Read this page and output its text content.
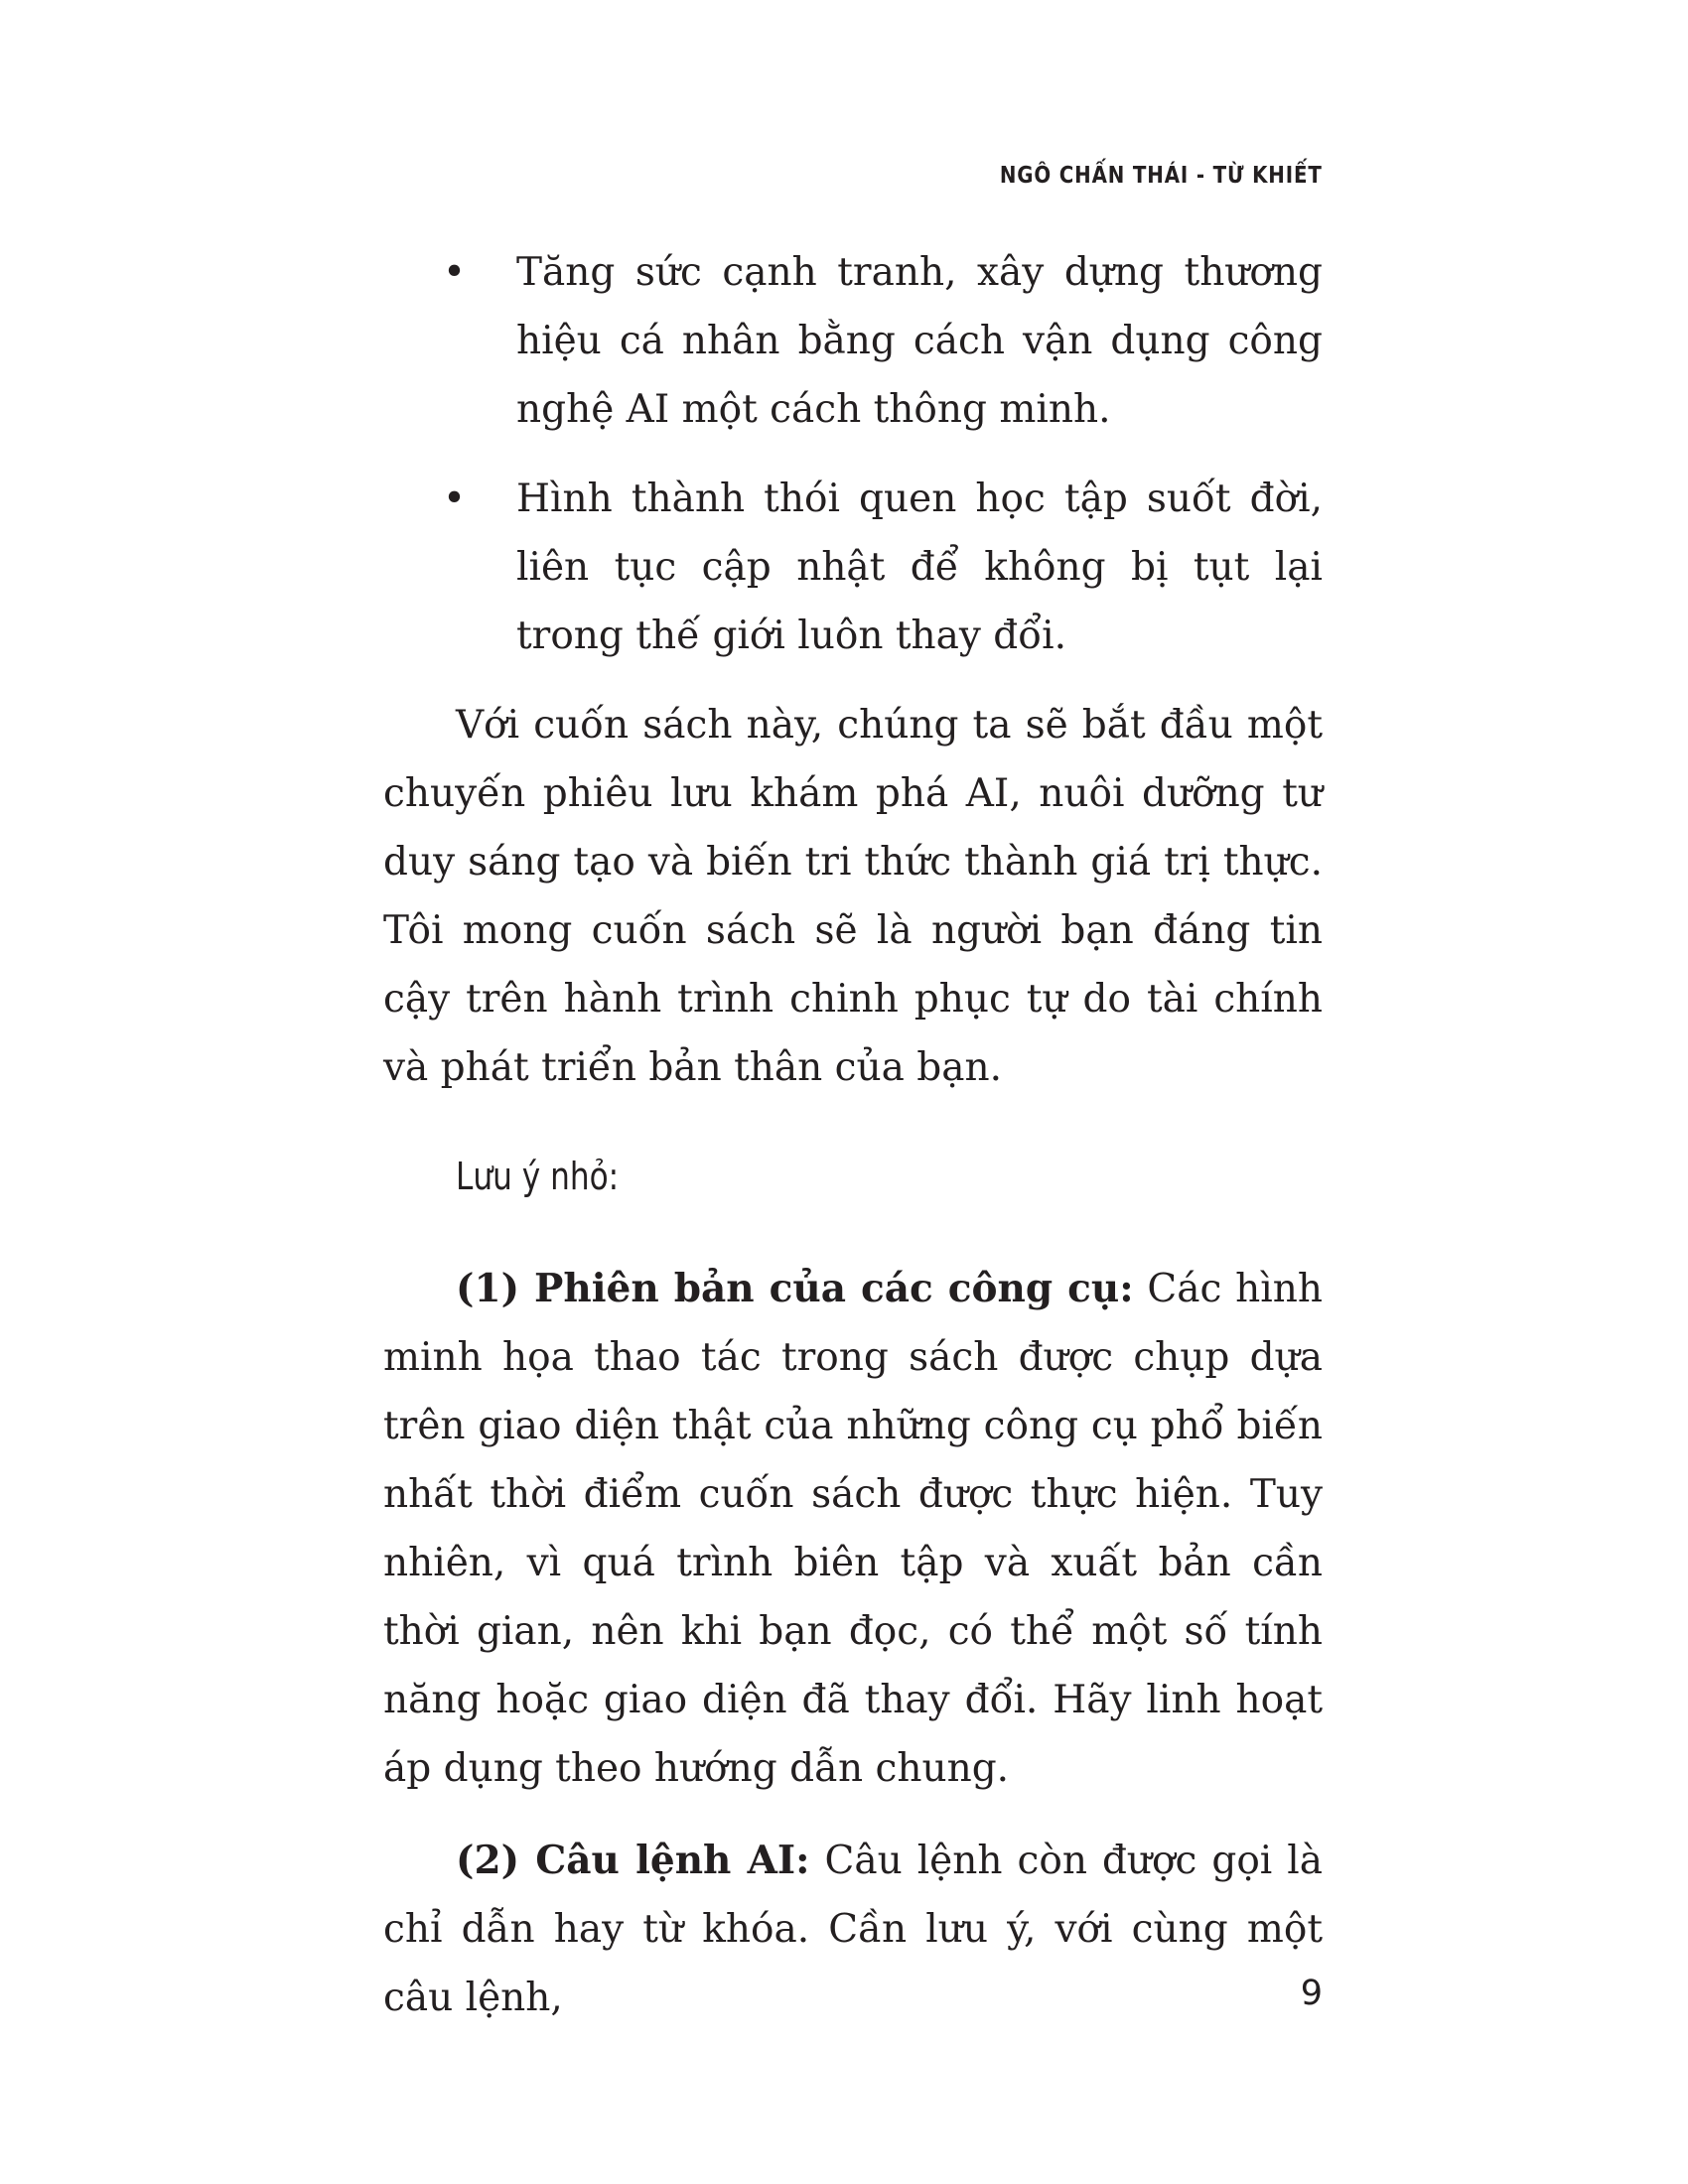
NGÔ CHẤN THÁI - TỪ KHIẾT
• Tăng sức cạnh tranh, xây dựng thương hiệu cá nhân bằng cách vận dụng công nghệ AI một cách thông minh.
• Hình thành thói quen học tập suốt đời, liên tục cập nhật để không bị tụt lại trong thế giới luôn thay đổi.

Với cuốn sách này, chúng ta sẽ bắt đầu một chuyến phiêu lưu khám phá AI, nuôi dưỡng tư duy sáng tạo và biến tri thức thành giá trị thực. Tôi mong cuốn sách sẽ là người bạn đáng tin cậy trên hành trình chinh phục tự do tài chính và phát triển bản thân của bạn.

Lưu ý nhỏ:

(1) Phiên bản của các công cụ: Các hình minh họa thao tác trong sách được chụp dựa trên giao diện thật của những công cụ phổ biến nhất thời điểm cuốn sách được thực hiện. Tuy nhiên, vì quá trình biên tập và xuất bản cần thời gian, nên khi bạn đọc, có thể một số tính năng hoặc giao diện đã thay đổi. Hãy linh hoạt áp dụng theo hướng dẫn chung.

(2) Câu lệnh AI: Câu lệnh còn được gọi là chỉ dẫn hay từ khóa. Cần lưu ý, với cùng một câu lệnh,	9
